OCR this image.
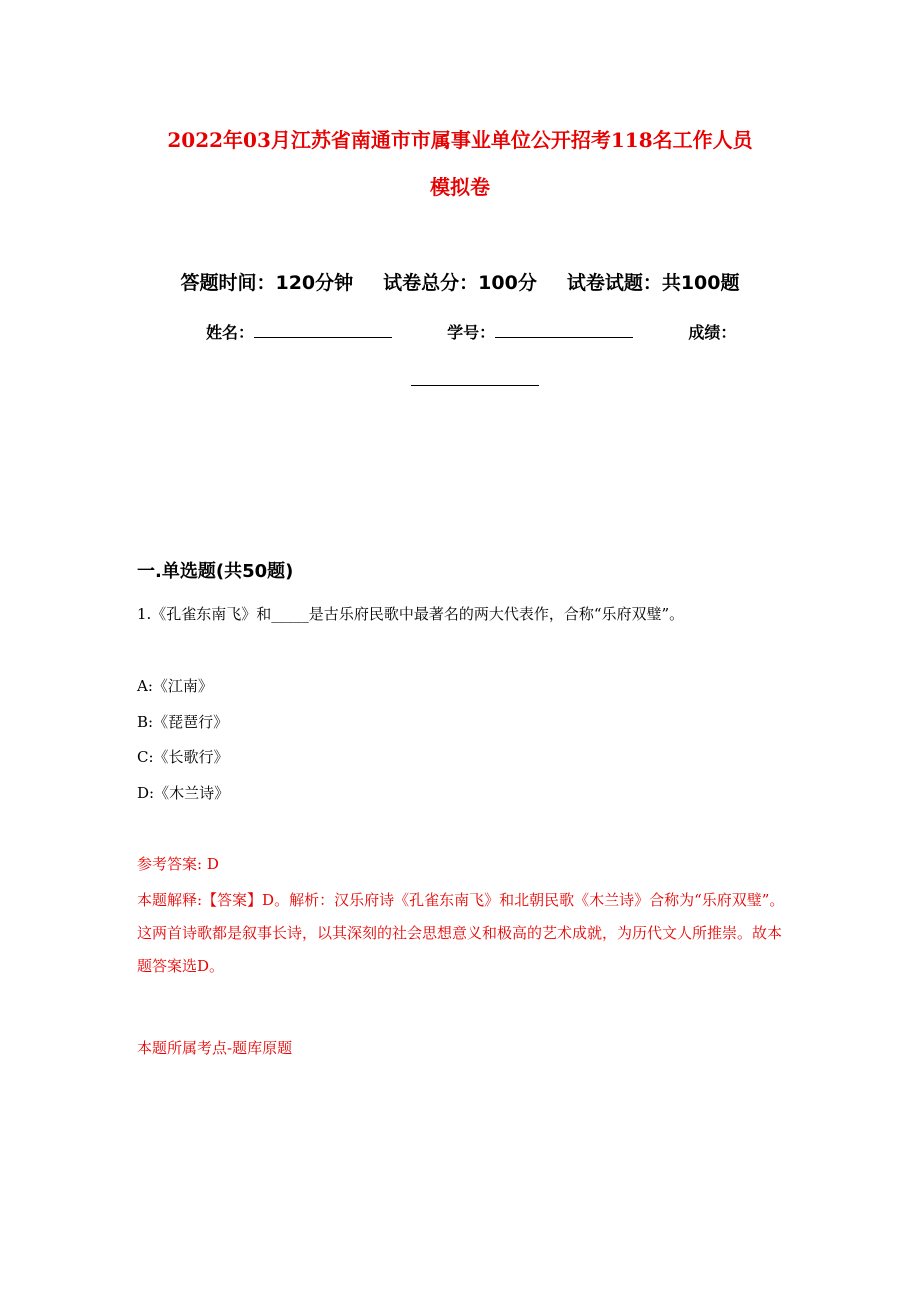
2022年03月江苏省南通市市属事业单位公开招考118名工作人员
模拟卷
答题时间：120分钟 试卷总分：100分 试卷试题：共100题
姓名：	学号：	成绩：
一.单选题(共50题)
1.《孔雀东南飞》和_____是古乐府民歌中最著名的两大代表作，合称“乐府双璧”。
A:《江南》
B:《琵琶行》
C:《长歌行》
D:《木兰诗》
参考答案: D
本题解释:【答案】D。解析：汉乐府诗《孔雀东南飞》和北朝民歌《木兰诗》合称为“乐府双璧”。这两首诗歌都是叙事长诗，以其深刻的社会思想意义和极高的艺术成就，为历代文人所推崇。故本题答案选D。
本题所属考点-题库原题
